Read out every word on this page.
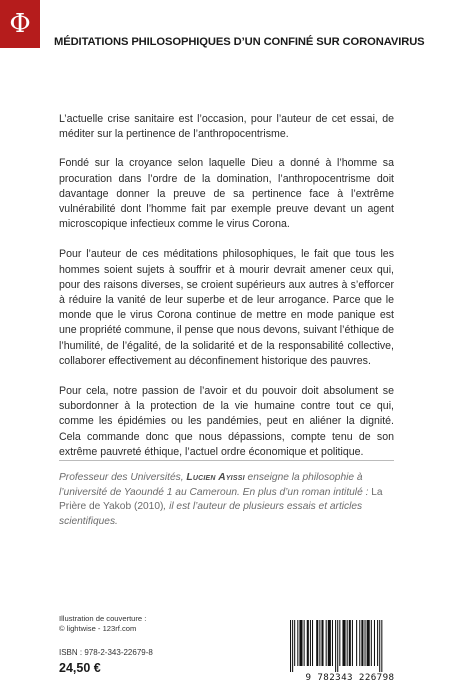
Φ
MÉDITATIONS PHILOSOPHIQUES D’UN CONFINÉ SUR CORONAVIRUS

L’actuelle crise sanitaire est l’occasion, pour l’auteur de cet essai, de méditer sur la pertinence de l’anthropocentrisme.

Fondé sur la croyance selon laquelle Dieu a donné à l’homme sa procuration dans l’ordre de la domination, l’anthropocentrisme doit davantage donner la preuve de sa pertinence face à l’extrême vulnérabilité dont l’homme fait par exemple preuve devant un agent microscopique infectieux comme le virus Corona.

Pour l’auteur de ces méditations philosophiques, le fait que tous les hommes soient sujets à souffrir et à mourir devrait amener ceux qui, pour des raisons diverses, se croient supérieurs aux autres à s’efforcer à réduire la vanité de leur superbe et de leur arrogance. Parce que le monde que le virus Corona continue de mettre en mode panique est une propriété commune, il pense que nous devons, suivant l’éthique de l’humilité, de l’égalité, de la solidarité et de la responsabilité collective, collaborer effectivement au déconfinement historique des pauvres.

Pour cela, notre passion de l’avoir et du pouvoir doit absolument se subordonner à la protection de la vie humaine contre tout ce qui, comme les épidémies ou les pandémies, peut en aliéner la dignité. Cela commande donc que nous dépassions, compte tenu de son extrême pauvreté éthique, l’actuel ordre économique et politique.

Professeur des Universités, Lucien Ayissi enseigne la philosophie à l’université de Yaoundé 1 au Cameroun. En plus d’un roman intitulé : La Prière de Yakob (2010), il est l’auteur de plusieurs essais et articles scientifiques.
Illustration de couverture :
© lightwise - 123rf.com
ISBN : 978-2-343-22679-8
24,50 €
9 782343 226798
